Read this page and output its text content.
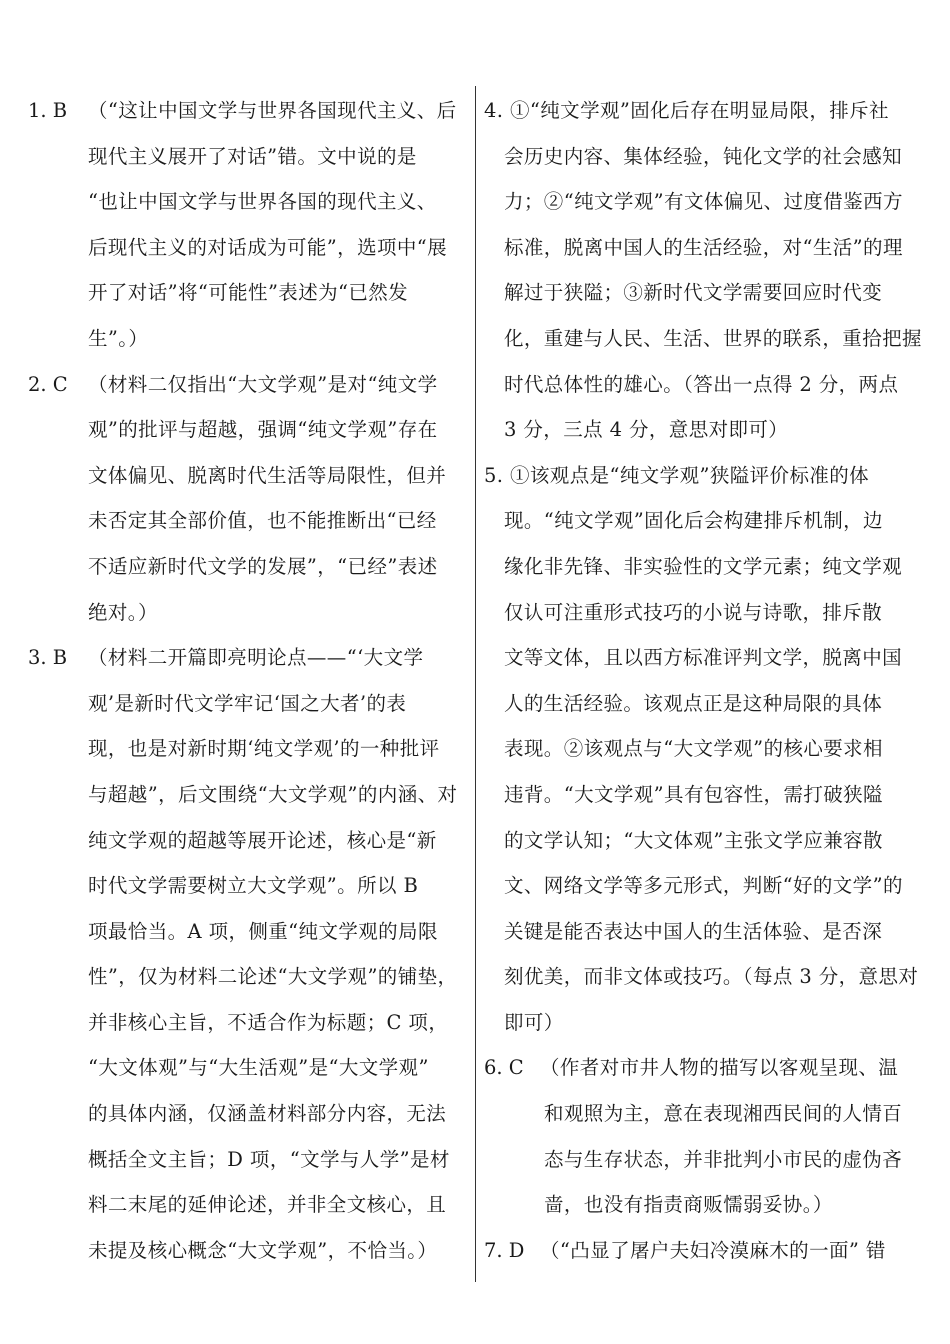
1. B （“这让中国文学与世界各国现代主义、后
现代主义展开了对话”错。文中说的是
“也让中国文学与世界各国的现代主义、
后现代主义的对话成为可能”，选项中“展
开了对话”将“可能性”表述为“已然发
生”。）
2. C （材料二仅指出“大文学观”是对“纯文学
观”的批评与超越，强调“纯文学观”存在
文体偏见、脱离时代生活等局限性，但并
未否定其全部价值，也不能推断出“已经
不适应新时代文学的发展”，“已经”表述
绝对。）
3. B （材料二开篇即亮明论点——“‘大文学
观’是新时代文学牢记‘国之大者’的表
现，也是对新时期‘纯文学观’的一种批评
与超越”，后文围绕“大文学观”的内涵、对
纯文学观的超越等展开论述，核心是“新
时代文学需要树立大文学观”。所以 B
项最恰当。A 项，侧重“纯文学观的局限
性”，仅为材料二论述“大文学观”的铺垫，
并非核心主旨，不适合作为标题；C 项，
“大文体观”与“大生活观”是“大文学观”
的具体内涵，仅涵盖材料部分内容，无法
概括全文主旨；D 项，“文学与人学”是材
料二末尾的延伸论述，并非全文核心，且
未提及核心概念“大文学观”，不恰当。）
4. ①“纯文学观”固化后存在明显局限，排斥社
会历史内容、集体经验，钝化文学的社会感知
力；②“纯文学观”有文体偏见、过度借鉴西方
标准，脱离中国人的生活经验，对“生活”的理
解过于狭隘；③新时代文学需要回应时代变
化，重建与人民、生活、世界的联系，重拾把握
时代总体性的雄心。（答出一点得 2 分，两点
3 分，三点 4 分，意思对即可）
5. ①该观点是“纯文学观”狭隘评价标准的体
现。“纯文学观”固化后会构建排斥机制，边
缘化非先锋、非实验性的文学元素；纯文学观
仅认可注重形式技巧的小说与诗歌，排斥散
文等文体，且以西方标准评判文学，脱离中国
人的生活经验。该观点正是这种局限的具体
表现。②该观点与“大文学观”的核心要求相
违背。“大文学观”具有包容性，需打破狭隘
的文学认知；“大文体观”主张文学应兼容散
文、网络文学等多元形式，判断“好的文学”的
关键是能否表达中国人的生活体验、是否深
刻优美，而非文体或技巧。（每点 3 分，意思对
即可）
6. C （作者对市井人物的描写以客观呈现、温
和观照为主，意在表现湘西民间的人情百
态与生存状态，并非批判小市民的虚伪吝
啬，也没有指责商贩懦弱妥协。）
7. D （“凸显了屠户夫妇冷漠麻木的一面” 错
